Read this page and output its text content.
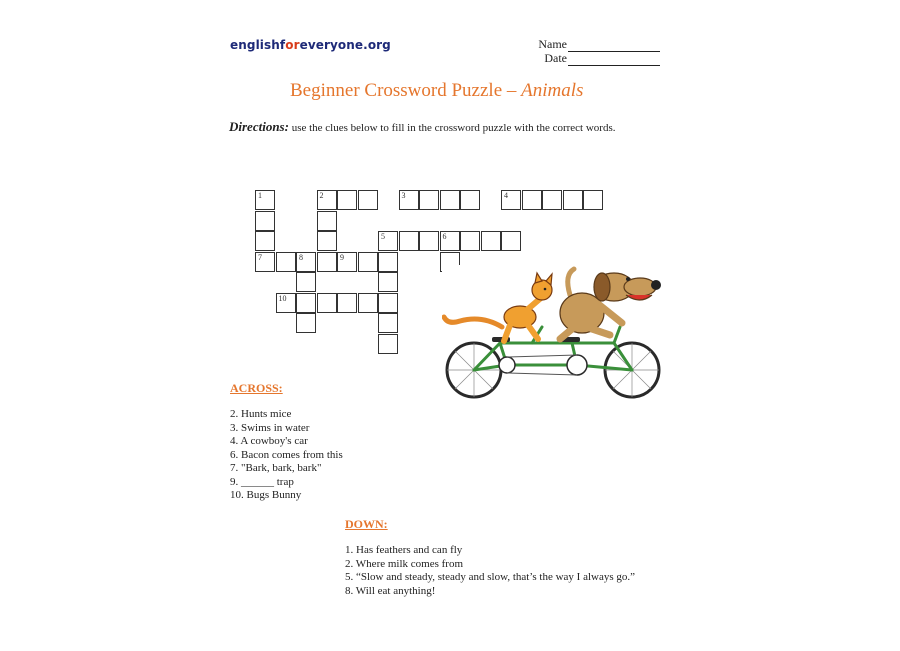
englishforeveryone.org	Name
Date
Beginner Crossword Puzzle – Animals
Directions: use the clues below to fill in the crossword puzzle with the correct words.
1	2	3	4
5	6
7	8	9
10
ACROSS:
2. Hunts mice
3. Swims in water
4. A cowboy's car
6. Bacon comes from this
7. "Bark, bark, bark"
9. ______ trap
10. Bugs Bunny
DOWN:
1. Has feathers and can fly
2. Where milk comes from
5. “Slow and steady, steady and slow, that’s the way I always go.”
8. Will eat anything!
